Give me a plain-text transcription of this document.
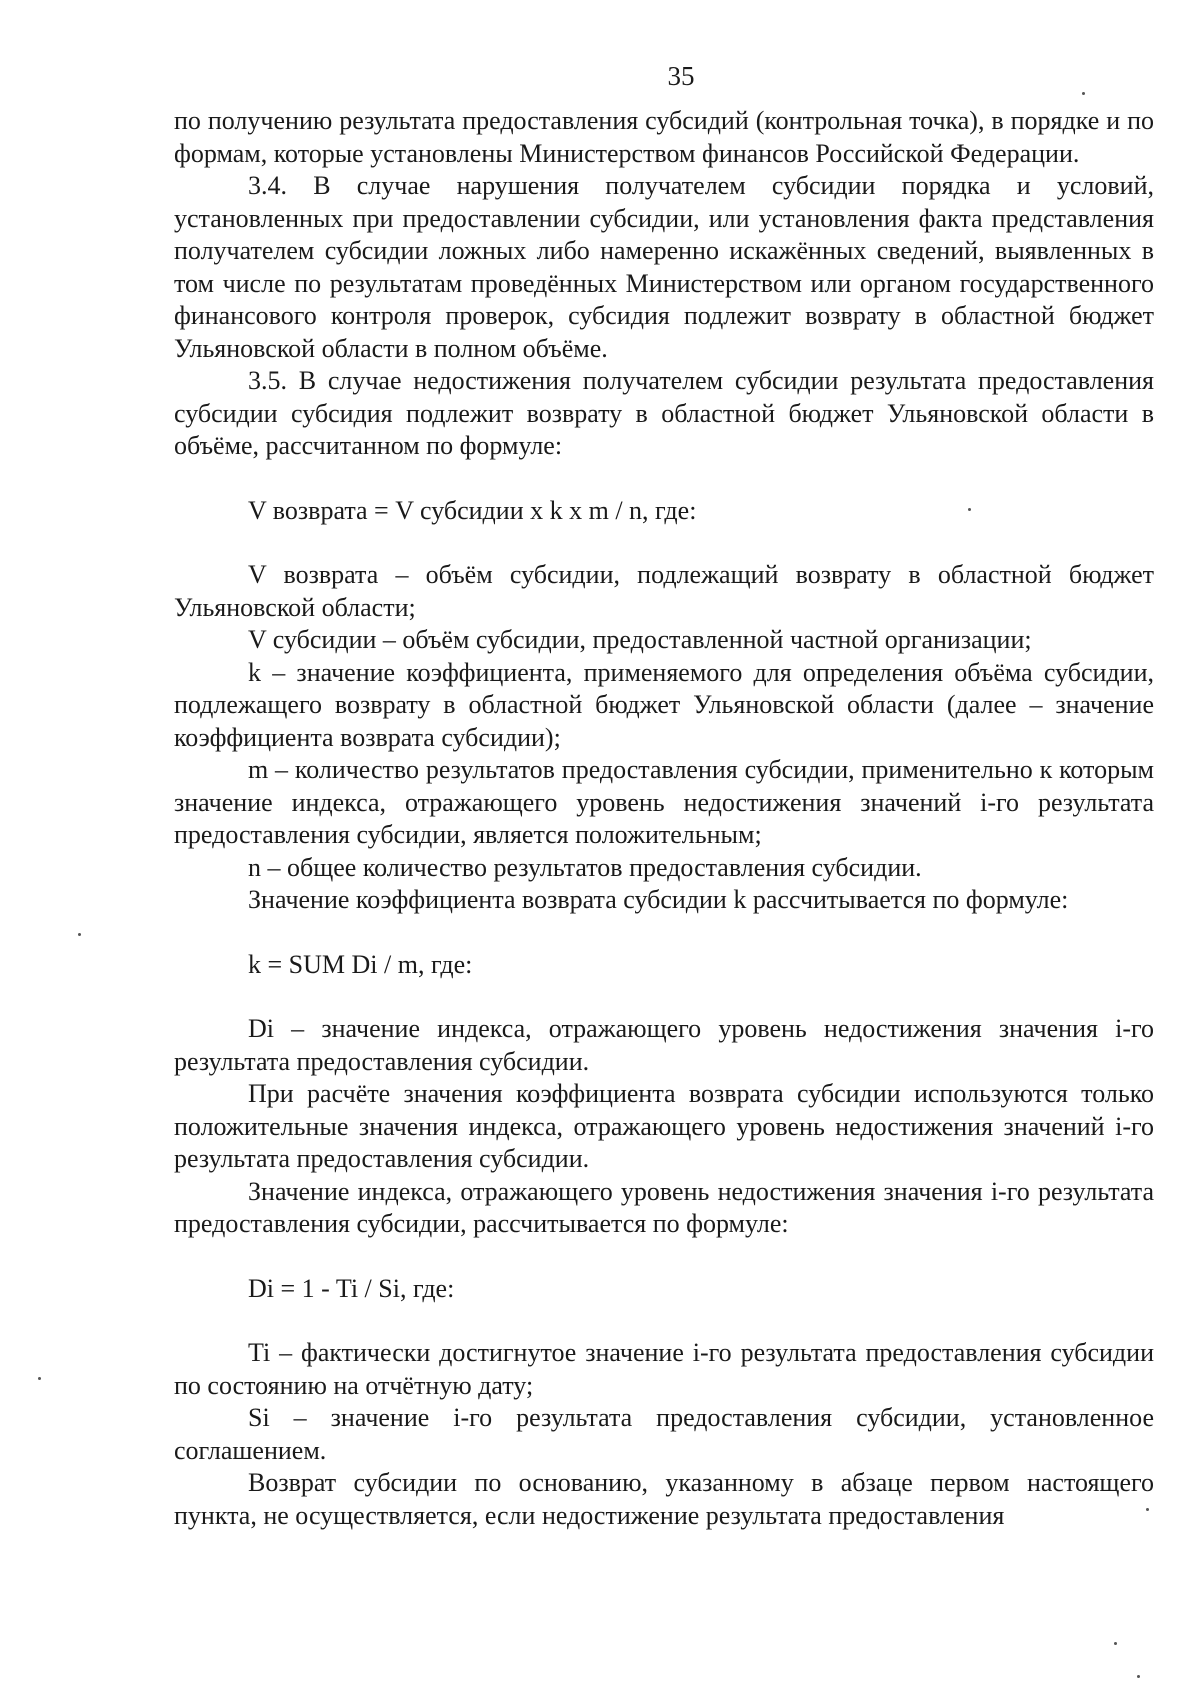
35

по получению результата предоставления субсидий (контрольная точка), в порядке и по формам, которые установлены Министерством финансов Российской Федерации.

3.4. В случае нарушения получателем субсидии порядка и условий, установленных при предоставлении субсидии, или установления факта представления получателем субсидии ложных либо намеренно искажённых сведений, выявленных в том числе по результатам проведённых Министерством или органом государственного финансового контроля проверок, субсидия подлежит возврату в областной бюджет Ульяновской области в полном объёме.

3.5. В случае недостижения получателем субсидии результата предоставления субсидии субсидия подлежит возврату в областной бюджет Ульяновской области в объёме, рассчитанном по формуле:

V возврата = V субсидии x k x m / n, где:

V возврата – объём субсидии, подлежащий возврату в областной бюджет Ульяновской области;

V субсидии – объём субсидии, предоставленной частной организации;

k – значение коэффициента, применяемого для определения объёма субсидии, подлежащего возврату в областной бюджет Ульяновской области (далее – значение коэффициента возврата субсидии);

m – количество результатов предоставления субсидии, применительно к которым значение индекса, отражающего уровень недостижения значений i-го результата предоставления субсидии, является положительным;

n – общее количество результатов предоставления субсидии.

Значение коэффициента возврата субсидии k рассчитывается по формуле:

k = SUM Di / m, где:

Di – значение индекса, отражающего уровень недостижения значения i-го результата предоставления субсидии.

При расчёте значения коэффициента возврата субсидии используются только положительные значения индекса, отражающего уровень недостижения значений i-го результата предоставления субсидии.

Значение индекса, отражающего уровень недостижения значения i-го результата предоставления субсидии, рассчитывается по формуле:

Di = 1 - Ti / Si, где:

Ti – фактически достигнутое значение i-го результата предоставления субсидии по состоянию на отчётную дату;

Si – значение i-го результата предоставления субсидии, установленное соглашением.

Возврат субсидии по основанию, указанному в абзаце первом настоящего пункта, не осуществляется, если недостижение результата предоставления
